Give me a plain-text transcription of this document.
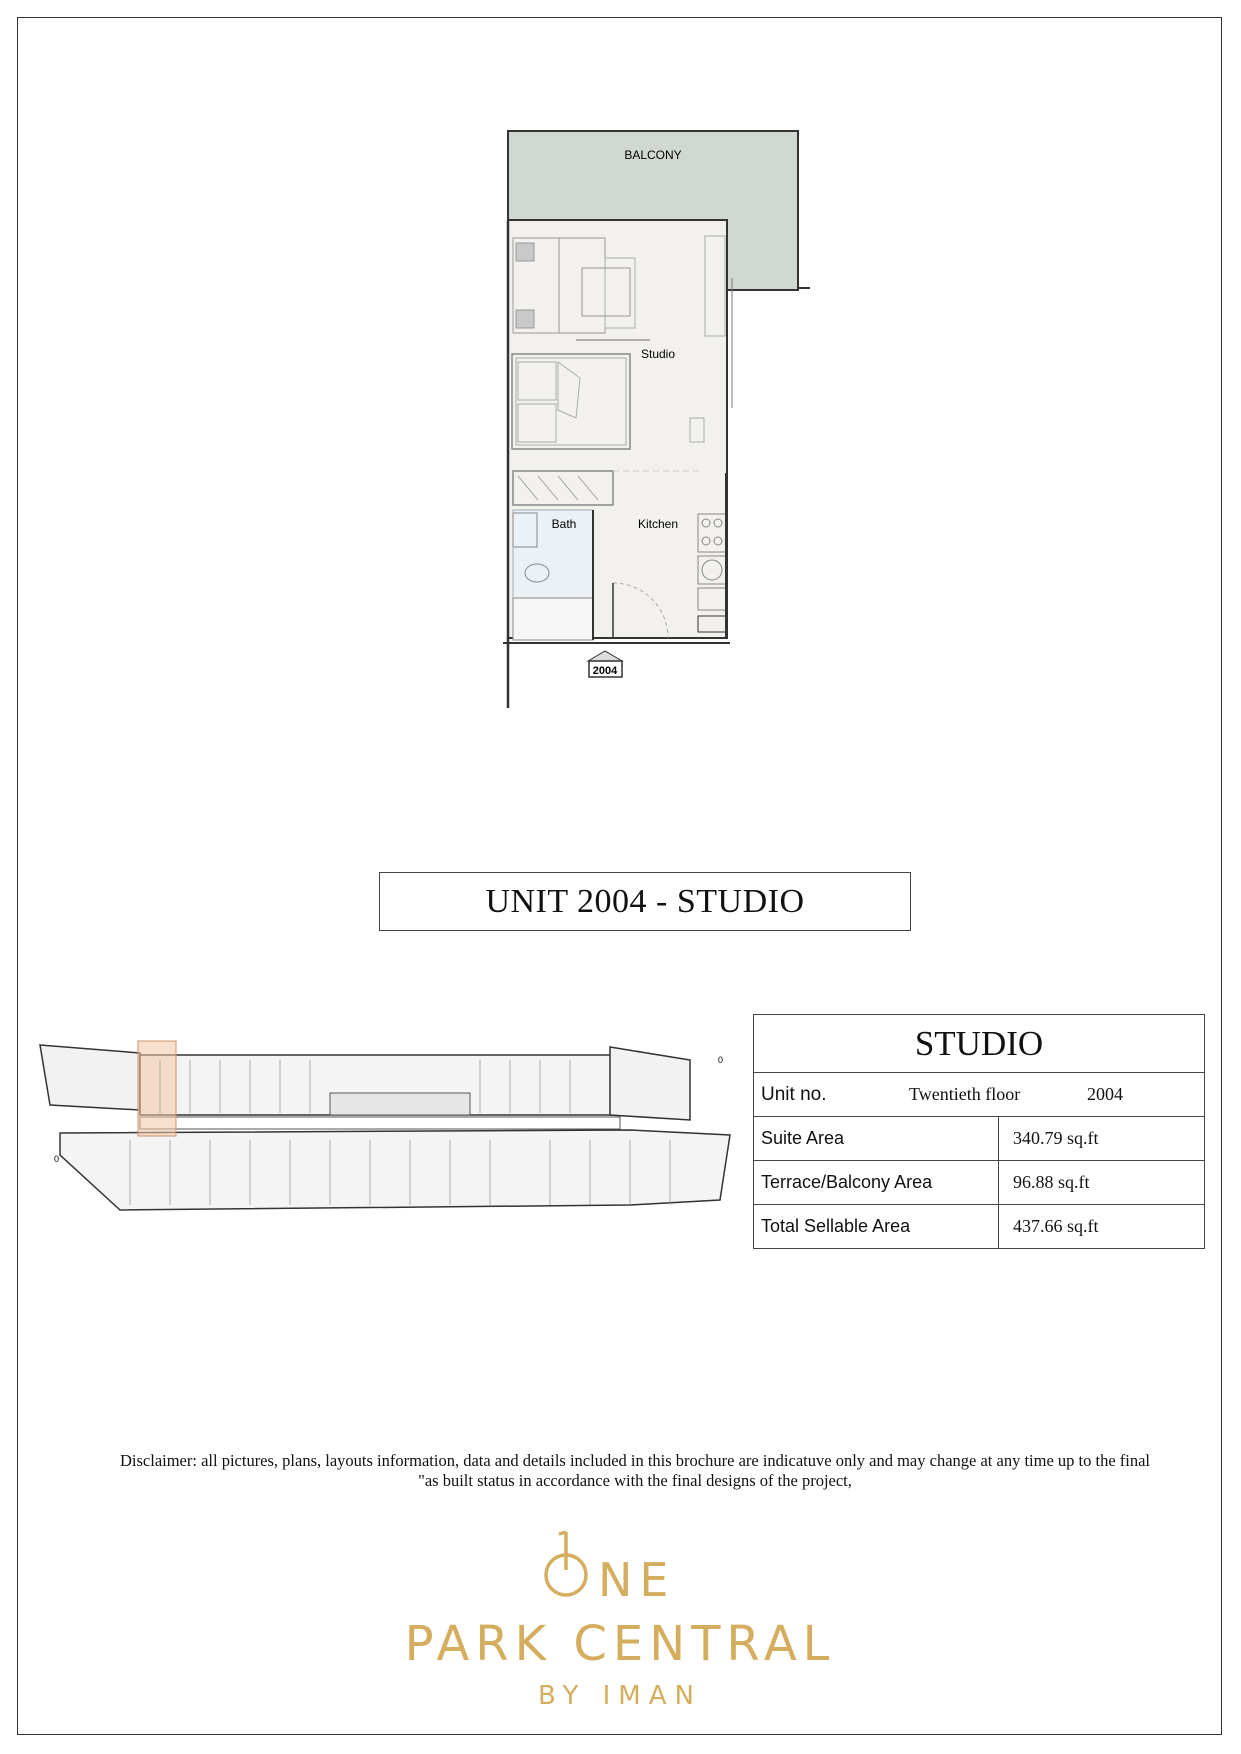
BALCONY
Studio
Bath	Kitchen
2004
UNIT 2004 - STUDIO
0
0
STUDIO	

Unit no. Twentieth floor 2004	

Suite Area	340.79 sq.ft
Terrace/Balcony Area	96.88 sq.ft
Total Sellable Area	437.66 sq.ft
Disclaimer: all pictures, plans, layouts information, data and details included in this brochure are indicatuve only and may change at any time up to the final
"as built status in accordance with the final designs of the project,
NE
PARK CENTRAL
BY IMAN
